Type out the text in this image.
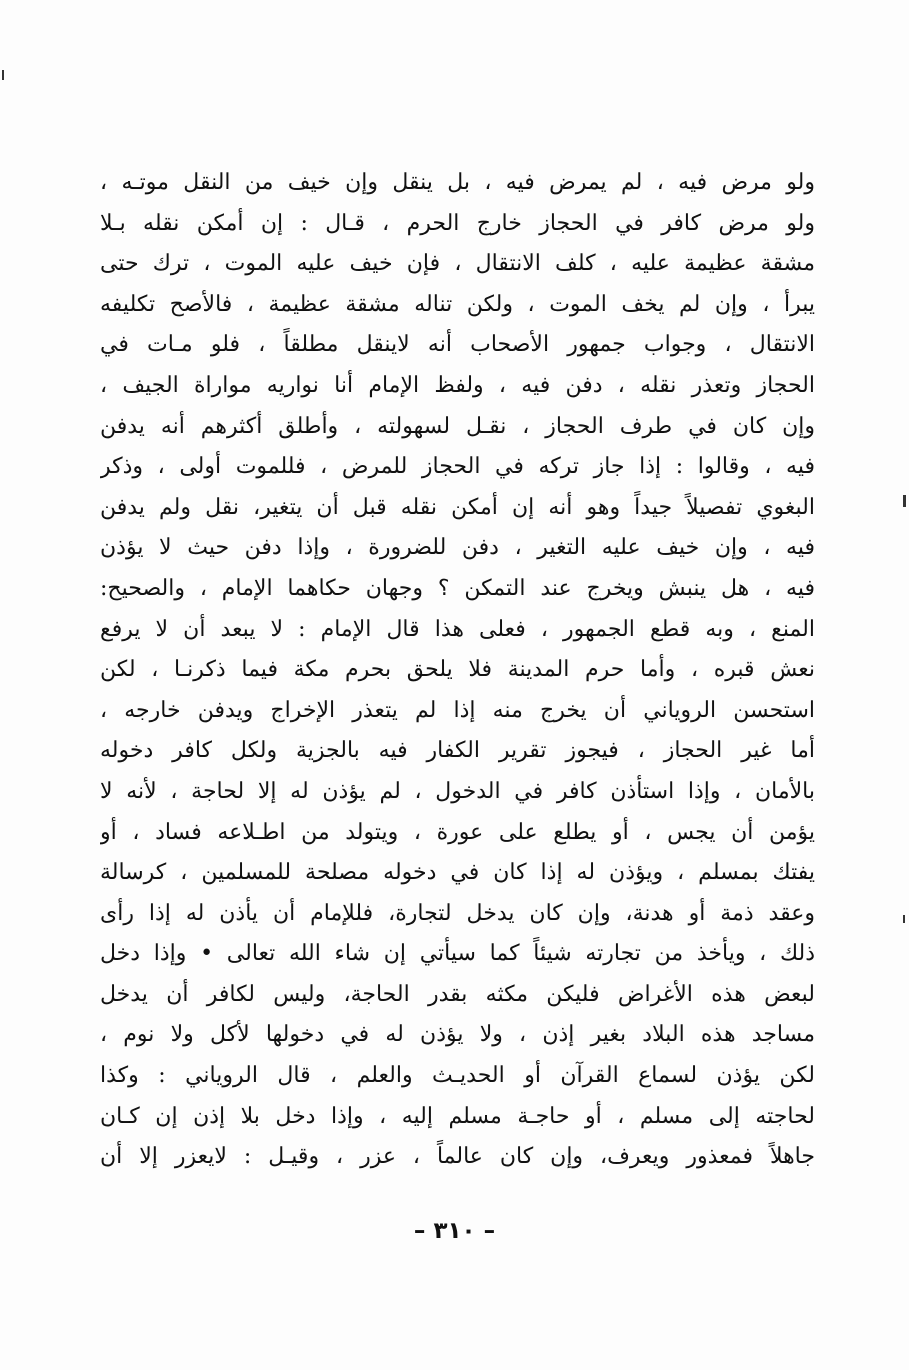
ولو مرض فيه ، لم يمرض فيه ، بل ينقل وإن خيف من النقل موتـه ،
ولو مرض كافر في الحجاز خارج الحرم ، قـال : إن أمكن نقله بـلا
مشقة عظيمة عليه ، كلف الانتقال ، فإن خيف عليه الموت ، ترك حتى
يبرأ ، وإن لم يخف الموت ، ولكن تناله مشقة عظيمة ، فالأصح تكليفه
الانتقال ، وجواب جمهور الأصحاب أنه لاينقل مطلقاً ، فلو مـات في
الحجاز وتعذر نقله ، دفن فيه ، ولفظ الإمام أنا نواريه مواراة الجيف ،
وإن كان في طرف الحجاز ، نقـل لسهولته ، وأطلق أكثرهم أنه يدفن
فيه ، وقالوا : إذا جاز تركه في الحجاز للمرض ، فللموت أولى ، وذكر
البغوي تفصيلاً جيداً وهو أنه إن أمكن نقله قبل أن يتغير، نقل ولم يدفن
فيه ، وإن خيف عليه التغير ، دفن للضرورة ، وإذا دفن حيث لا يؤذن
فيه ، هل ينبش ويخرج عند التمكن ؟ وجهان حكاهما الإمام ، والصحيح:
المنع ، وبه قطع الجمهور ، فعلى هذا قال الإمام : لا يبعد أن لا يرفع
نعش قبره ، وأما حرم المدينة فلا يلحق بحرم مكة فيما ذكرنـا ، لكن
استحسن الروياني أن يخرج منه إذا لم يتعذر الإخراج ويدفن خارجه ،
أما غير الحجاز ، فيجوز تقرير الكفار فيه بالجزية ولكل كافر دخوله
بالأمان ، وإذا استأذن كافر في الدخول ، لم يؤذن له إلا لحاجة ، لأنه لا
يؤمن أن يجس ، أو يطلع على عورة ، ويتولد من اطـلاعه فساد ، أو
يفتك بمسلم ، ويؤذن له إذا كان في دخوله مصلحة للمسلمين ، كرسالة
وعقد ذمة أو هدنة، وإن كان يدخل لتجارة، فللإمام أن يأذن له إذا رأى
ذلك ، ويأخذ من تجارته شيئاً كما سيأتي إن شاء الله تعالى • وإذا دخل
لبعض هذه الأغراض فليكن مكثه بقدر الحاجة، وليس لكافر أن يدخل
مساجد هذه البلاد بغير إذن ، ولا يؤذن له في دخولها لأكل ولا نوم ،
لكن يؤذن لسماع القرآن أو الحديـث والعلم ، قال الروياني : وكذا
لحاجته إلى مسلم ، أو حاجـة مسلم إليه ، وإذا دخل بلا إذن إن كـان
جاهلاً فمعذور ويعرف، وإن كان عالماً ، عزر ، وقيـل : لايعزر إلا أن
– ٣١٠ –
